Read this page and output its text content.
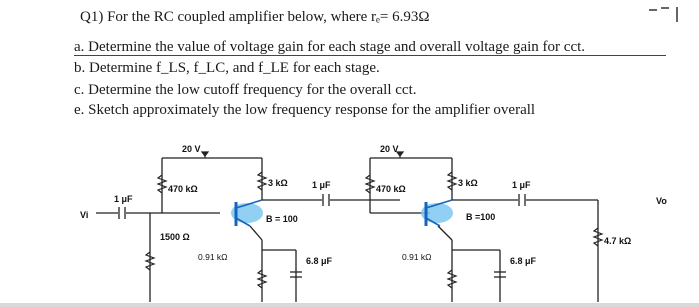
Q1) For the RC coupled amplifier below, where rₑ= 6.93Ω
a. Determine the value of voltage gain for each stage and overall voltage gain for cct.
b. Determine f_LS, f_LC, and f_LE for each stage.
c. Determine the low cutoff frequency for the overall cct.
e. Sketch approximately the low frequency response for the amplifier overall
20 V	20 V
470 kΩ
3 kΩ	1 μF
B = 100
0.91 kΩ	6.8 μF
470 kΩ
3 kΩ	1 μF
B =100
0.91 kΩ	6.8 μF
1 μF
1500 Ω	4.7 kΩ
Vi
Vo
